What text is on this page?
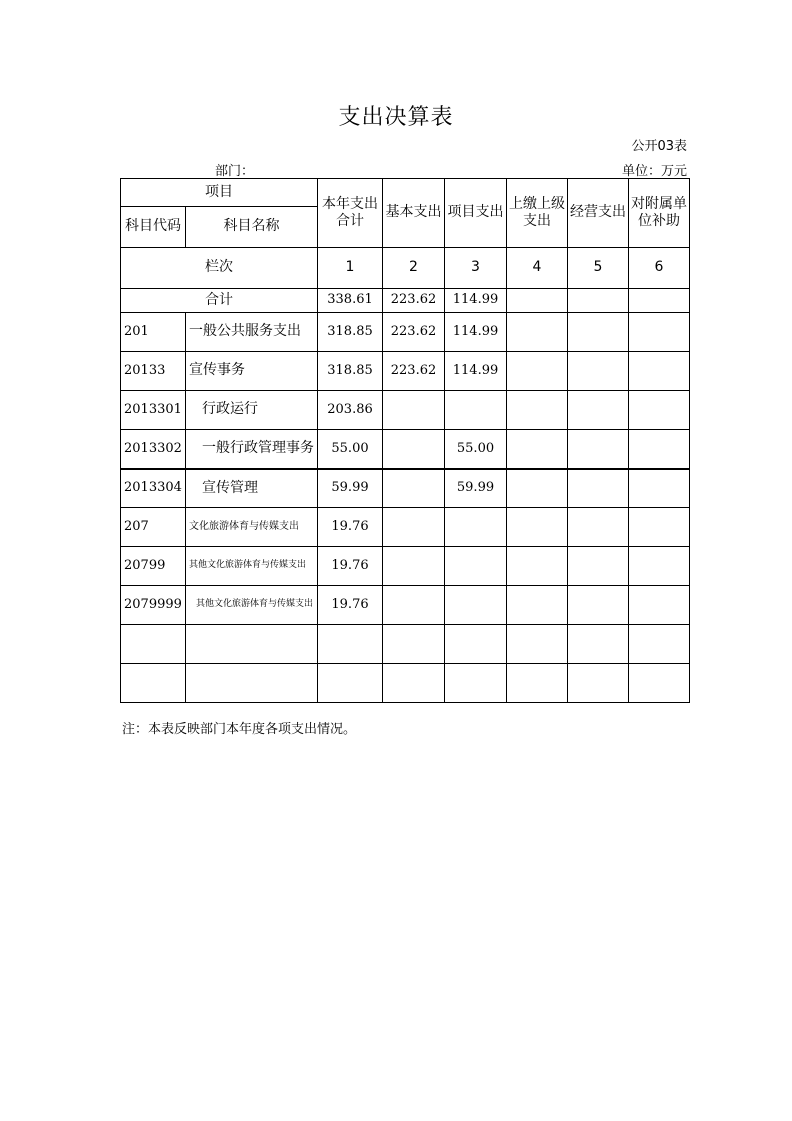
支出决算表
公开03表
部门：	单位：万元
项目		本年支出合计	基本支出	项目支出	上缴上级支出	经营支出	对附属单位补助
科目代码	科目名称						
栏次		1	2	3	4	5	6
合计		338.61	223.62	114.99			
201	一般公共服务支出	318.85	223.62	114.99			
20133	宣传事务	318.85	223.62	114.99			
2013301	行政运行	203.86					
2013302	一般行政管理事务	55.00		55.00			
2013304	宣传管理	59.99		59.99			
207	文化旅游体育与传媒支出	19.76					
20799	其他文化旅游体育与传媒支出	19.76					
2079999	其他文化旅游体育与传媒支出	19.76					

注：本表反映部门本年度各项支出情况。
